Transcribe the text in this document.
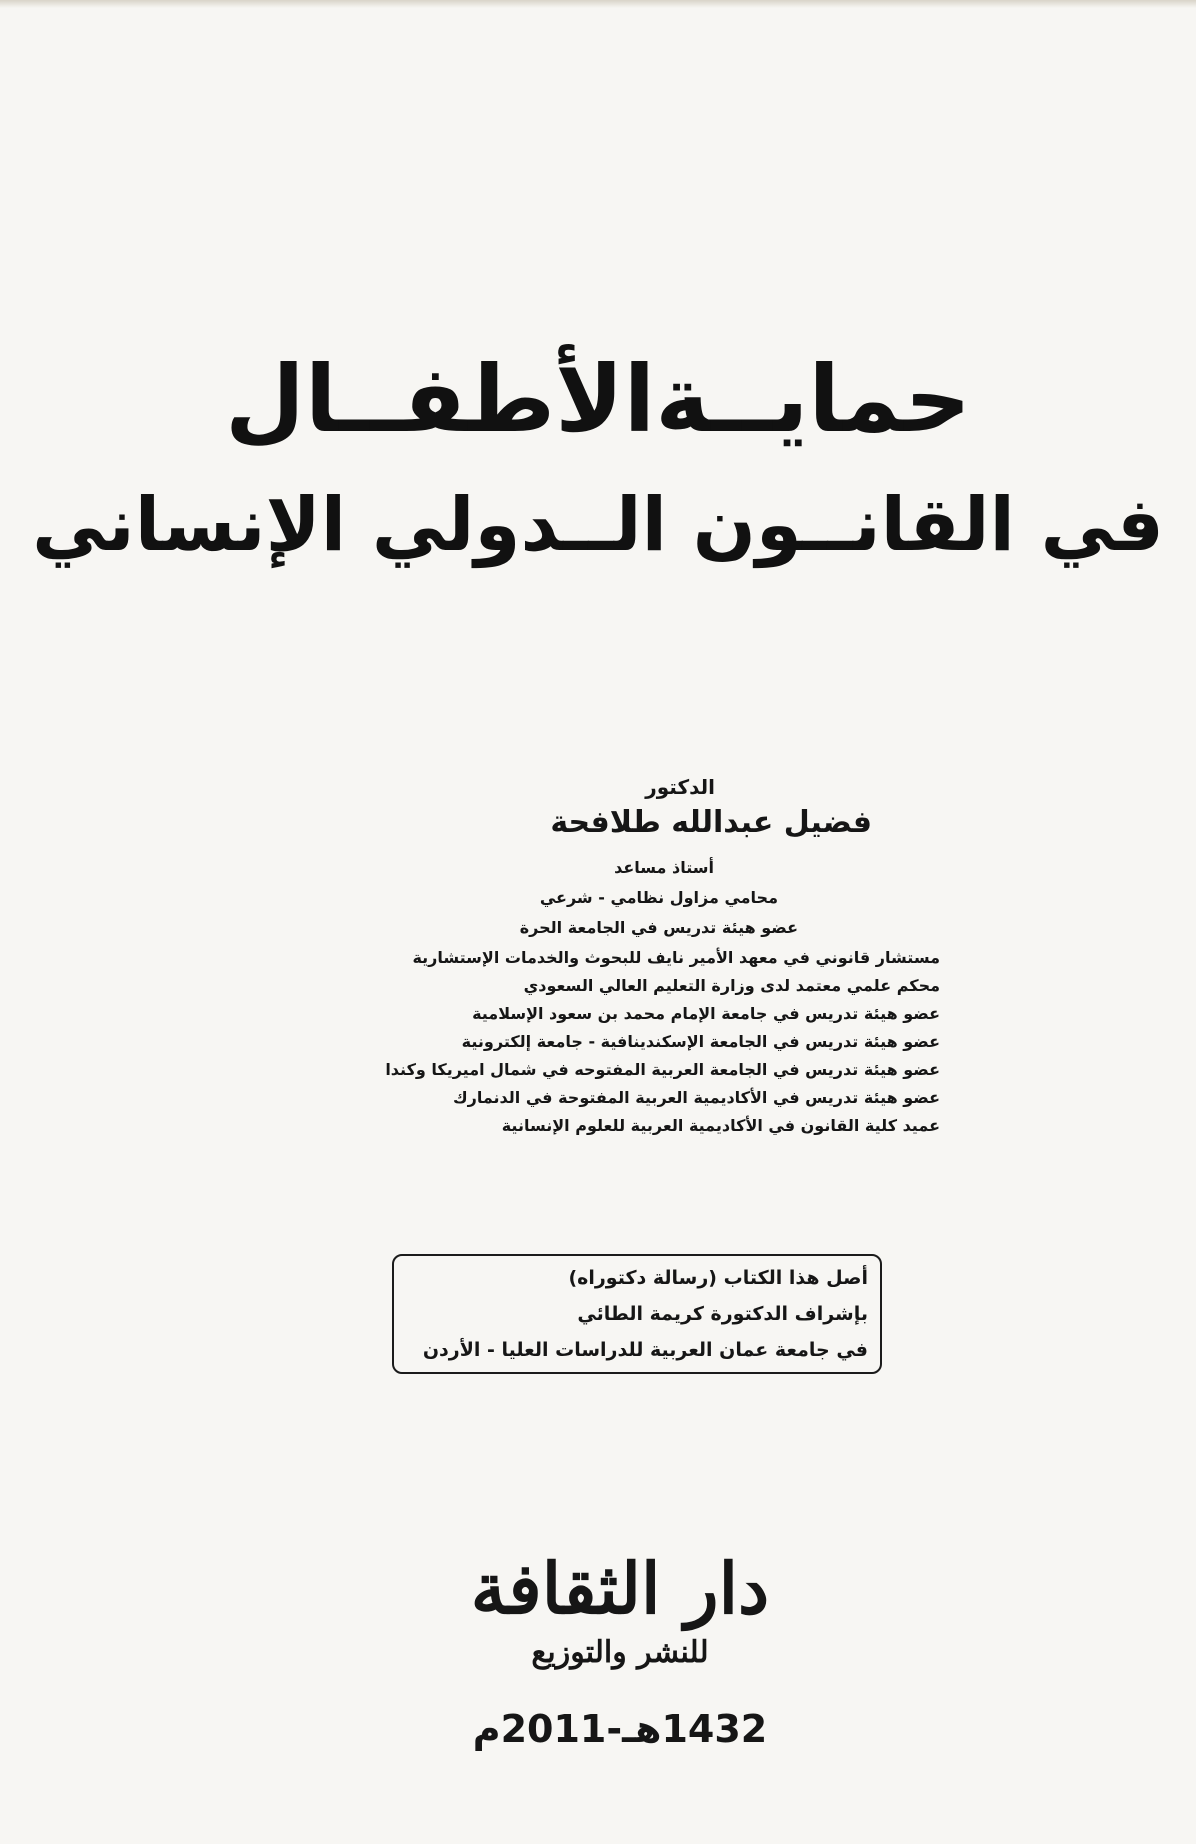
حمايــةالأطفــال
في القانــون الــدولي الإنساني
الدكتور
فضيل عبدالله طلافحة
أستاذ مساعد
محامي مزاول نظامي - شرعي
عضو هيئة تدريس في الجامعة الحرة
مستشار قانوني في معهد الأمير نايف للبحوث والخدمات الإستشارية
محكم علمي معتمد لدى وزارة التعليم العالي السعودي
عضو هيئة تدريس في جامعة الإمام محمد بن سعود الإسلامية
عضو هيئة تدريس في الجامعة الإسكندينافية - جامعة إلكترونية
عضو هيئة تدريس في الجامعة العربية المفتوحه في شمال اميريكا وكندا
عضو هيئة تدريس في الأكاديمية العربية المفتوحة في الدنمارك
عميد كلية القانون في الأكاديمية العربية للعلوم الإنسانية
أصل هذا الكتاب (رسالة دكتوراه)
بإشراف الدكتورة كريمة الطائي
في جامعة عمان العربية للدراسات العليا - الأردن
دار الثقافة
للنشر والتوزيع
1432هـ-2011م
